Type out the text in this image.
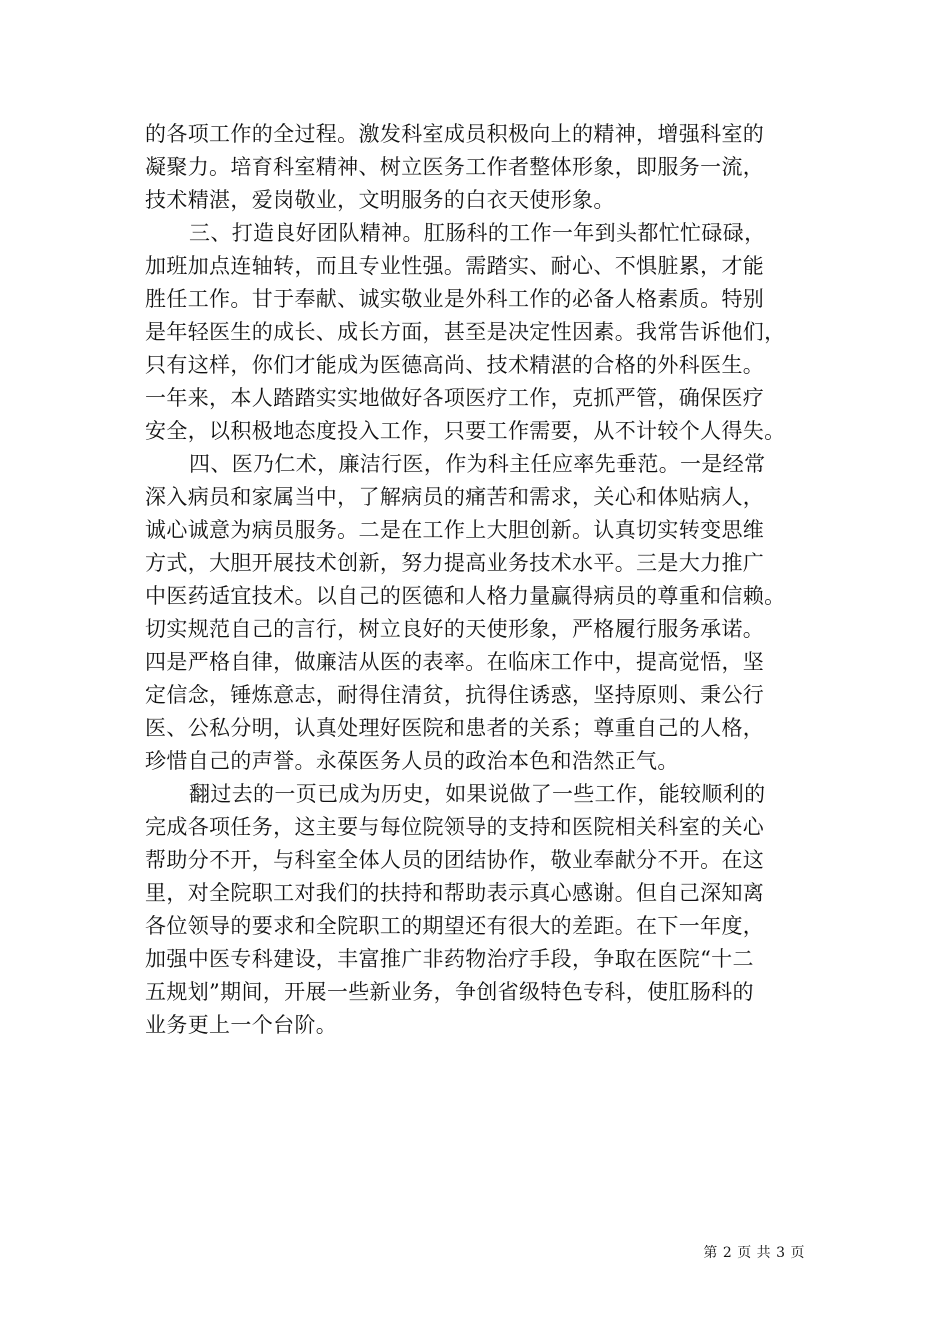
的各项工作的全过程。激发科室成员积极向上的精神，增强科室的
凝聚力。培育科室精神、树立医务工作者整体形象，即服务一流，
技术精湛，爱岗敬业，文明服务的白衣天使形象。
三、打造良好团队精神。肛肠科的工作一年到头都忙忙碌碌，
加班加点连轴转，而且专业性强。需踏实、耐心、不惧脏累，才能
胜任工作。甘于奉献、诚实敬业是外科工作的必备人格素质。特别
是年轻医生的成长、成长方面，甚至是决定性因素。我常告诉他们，
只有这样，你们才能成为医德高尚、技术精湛的合格的外科医生。
一年来，本人踏踏实实地做好各项医疗工作，克抓严管，确保医疗
安全，以积极地态度投入工作，只要工作需要，从不计较个人得失。
四、医乃仁术，廉洁行医，作为科主任应率先垂范。一是经常
深入病员和家属当中，了解病员的痛苦和需求，关心和体贴病人，
诚心诚意为病员服务。二是在工作上大胆创新。认真切实转变思维
方式，大胆开展技术创新，努力提高业务技术水平。三是大力推广
中医药适宜技术。以自己的医德和人格力量赢得病员的尊重和信赖。
切实规范自己的言行，树立良好的天使形象，严格履行服务承诺。
四是严格自律，做廉洁从医的表率。在临床工作中，提高觉悟，坚
定信念，锤炼意志，耐得住清贫，抗得住诱惑，坚持原则、秉公行
医、公私分明，认真处理好医院和患者的关系；尊重自己的人格，
珍惜自己的声誉。永葆医务人员的政治本色和浩然正气。
翻过去的一页已成为历史，如果说做了一些工作，能较顺利的
完成各项任务，这主要与每位院领导的支持和医院相关科室的关心
帮助分不开，与科室全体人员的团结协作，敬业奉献分不开。在这
里，对全院职工对我们的扶持和帮助表示真心感谢。但自己深知离
各位领导的要求和全院职工的期望还有很大的差距。在下一年度，
加强中医专科建设，丰富推广非药物治疗手段，争取在医院“十二
五规划”期间，开展一些新业务，争创省级特色专科，使肛肠科的
业务更上一个台阶。

第 2 页 共 3 页
